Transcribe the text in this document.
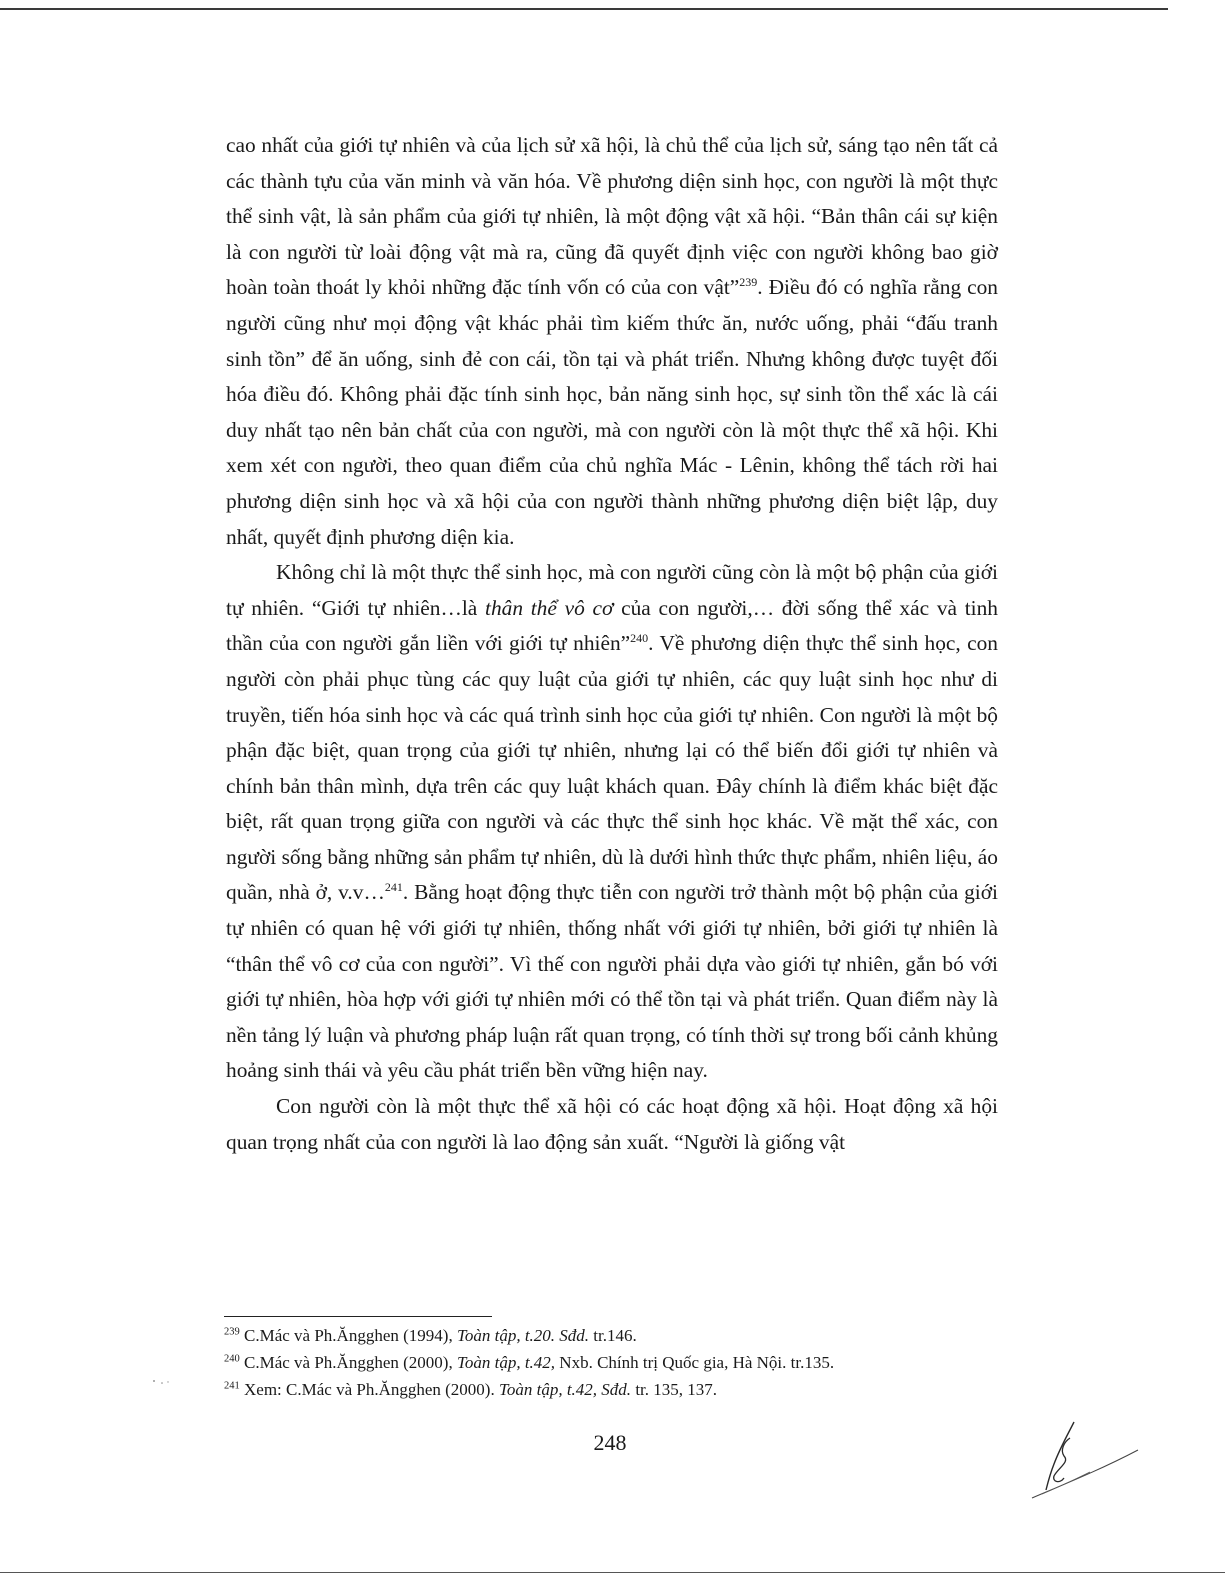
cao nhất của giới tự nhiên và của lịch sử xã hội, là chủ thể của lịch sử, sáng tạo nên tất cả các thành tựu của văn minh và văn hóa. Về phương diện sinh học, con người là một thực thể sinh vật, là sản phẩm của giới tự nhiên, là một động vật xã hội. “Bản thân cái sự kiện là con người từ loài động vật mà ra, cũng đã quyết định việc con người không bao giờ hoàn toàn thoát ly khỏi những đặc tính vốn có của con vật”$^{239}$. Điều đó có nghĩa rằng con người cũng như mọi động vật khác phải tìm kiếm thức ăn, nước uống, phải “đấu tranh sinh tồn” để ăn uống, sinh đẻ con cái, tồn tại và phát triển. Nhưng không được tuyệt đối hóa điều đó. Không phải đặc tính sinh học, bản năng sinh học, sự sinh tồn thể xác là cái duy nhất tạo nên bản chất của con người, mà con người còn là một thực thể xã hội. Khi xem xét con người, theo quan điểm của chủ nghĩa Mác - Lênin, không thể tách rời hai phương diện sinh học và xã hội của con người thành những phương diện biệt lập, duy nhất, quyết định phương diện kia.

Không chỉ là một thực thể sinh học, mà con người cũng còn là một bộ phận của giới tự nhiên. “Giới tự nhiên…là thân thể vô cơ của con người,… đời sống thể xác và tinh thần của con người gắn liền với giới tự nhiên”$^{240}$. Về phương diện thực thể sinh học, con người còn phải phục tùng các quy luật của giới tự nhiên, các quy luật sinh học như di truyền, tiến hóa sinh học và các quá trình sinh học của giới tự nhiên. Con người là một bộ phận đặc biệt, quan trọng của giới tự nhiên, nhưng lại có thể biến đổi giới tự nhiên và chính bản thân mình, dựa trên các quy luật khách quan. Đây chính là điểm khác biệt đặc biệt, rất quan trọng giữa con người và các thực thể sinh học khác. Về mặt thể xác, con người sống bằng những sản phẩm tự nhiên, dù là dưới hình thức thực phẩm, nhiên liệu, áo quần, nhà ở, v.v…$^{241}$. Bằng hoạt động thực tiễn con người trở thành một bộ phận của giới tự nhiên có quan hệ với giới tự nhiên, thống nhất với giới tự nhiên, bởi giới tự nhiên là “thân thể vô cơ của con người”. Vì thế con người phải dựa vào giới tự nhiên, gắn bó với giới tự nhiên, hòa hợp với giới tự nhiên mới có thể tồn tại và phát triển. Quan điểm này là nền tảng lý luận và phương pháp luận rất quan trọng, có tính thời sự trong bối cảnh khủng hoảng sinh thái và yêu cầu phát triển bền vững hiện nay.

Con người còn là một thực thể xã hội có các hoạt động xã hội. Hoạt động xã hội quan trọng nhất của con người là lao động sản xuất. “Người là giống vật

$^{239}$ C.Mác và Ph.Ăngghen (1994), Toàn tập, t.20. Sđd. tr.146.

$^{240}$ C.Mác và Ph.Ăngghen (2000), Toàn tập, t.42, Nxb. Chính trị Quốc gia, Hà Nội. tr.135.

$^{241}$ Xem: C.Mác và Ph.Ăngghen (2000). Toàn tập, t.42, Sđd. tr. 135, 137.

248
